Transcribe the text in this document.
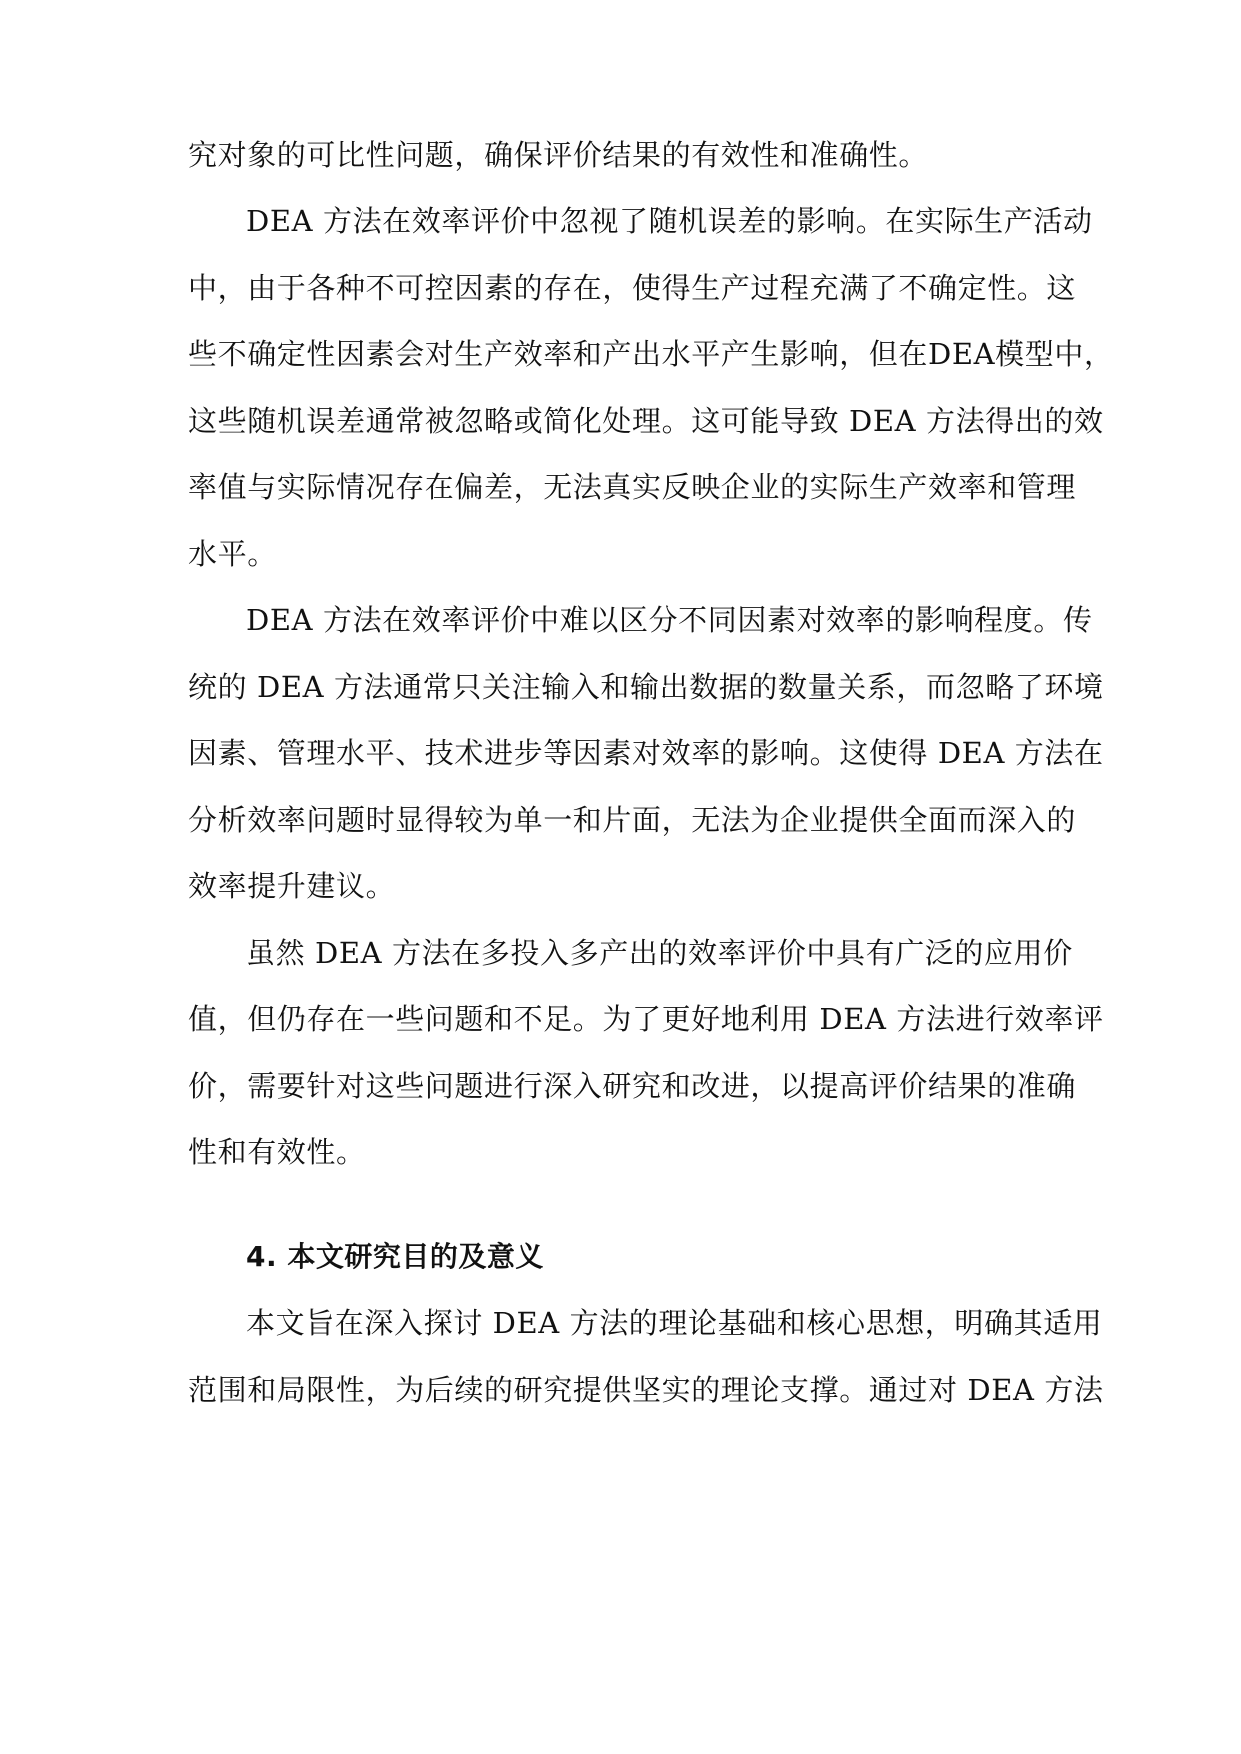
究对象的可比性问题，确保评价结果的有效性和准确性。
DEA 方法在效率评价中忽视了随机误差的影响。在实际生产活动
中，由于各种不可控因素的存在，使得生产过程充满了不确定性。这
些不确定性因素会对生产效率和产出水平产生影响，但在DEA模型中，
这些随机误差通常被忽略或简化处理。这可能导致 DEA 方法得出的效
率值与实际情况存在偏差，无法真实反映企业的实际生产效率和管理
水平。
DEA 方法在效率评价中难以区分不同因素对效率的影响程度。传
统的 DEA 方法通常只关注输入和输出数据的数量关系，而忽略了环境
因素、管理水平、技术进步等因素对效率的影响。这使得 DEA 方法在
分析效率问题时显得较为单一和片面，无法为企业提供全面而深入的
效率提升建议。
虽然 DEA 方法在多投入多产出的效率评价中具有广泛的应用价
值，但仍存在一些问题和不足。为了更好地利用 DEA 方法进行效率评
价，需要针对这些问题进行深入研究和改进，以提高评价结果的准确
性和有效性。
4. 本文研究目的及意义
本文旨在深入探讨 DEA 方法的理论基础和核心思想，明确其适用
范围和局限性，为后续的研究提供坚实的理论支撑。通过对 DEA 方法
